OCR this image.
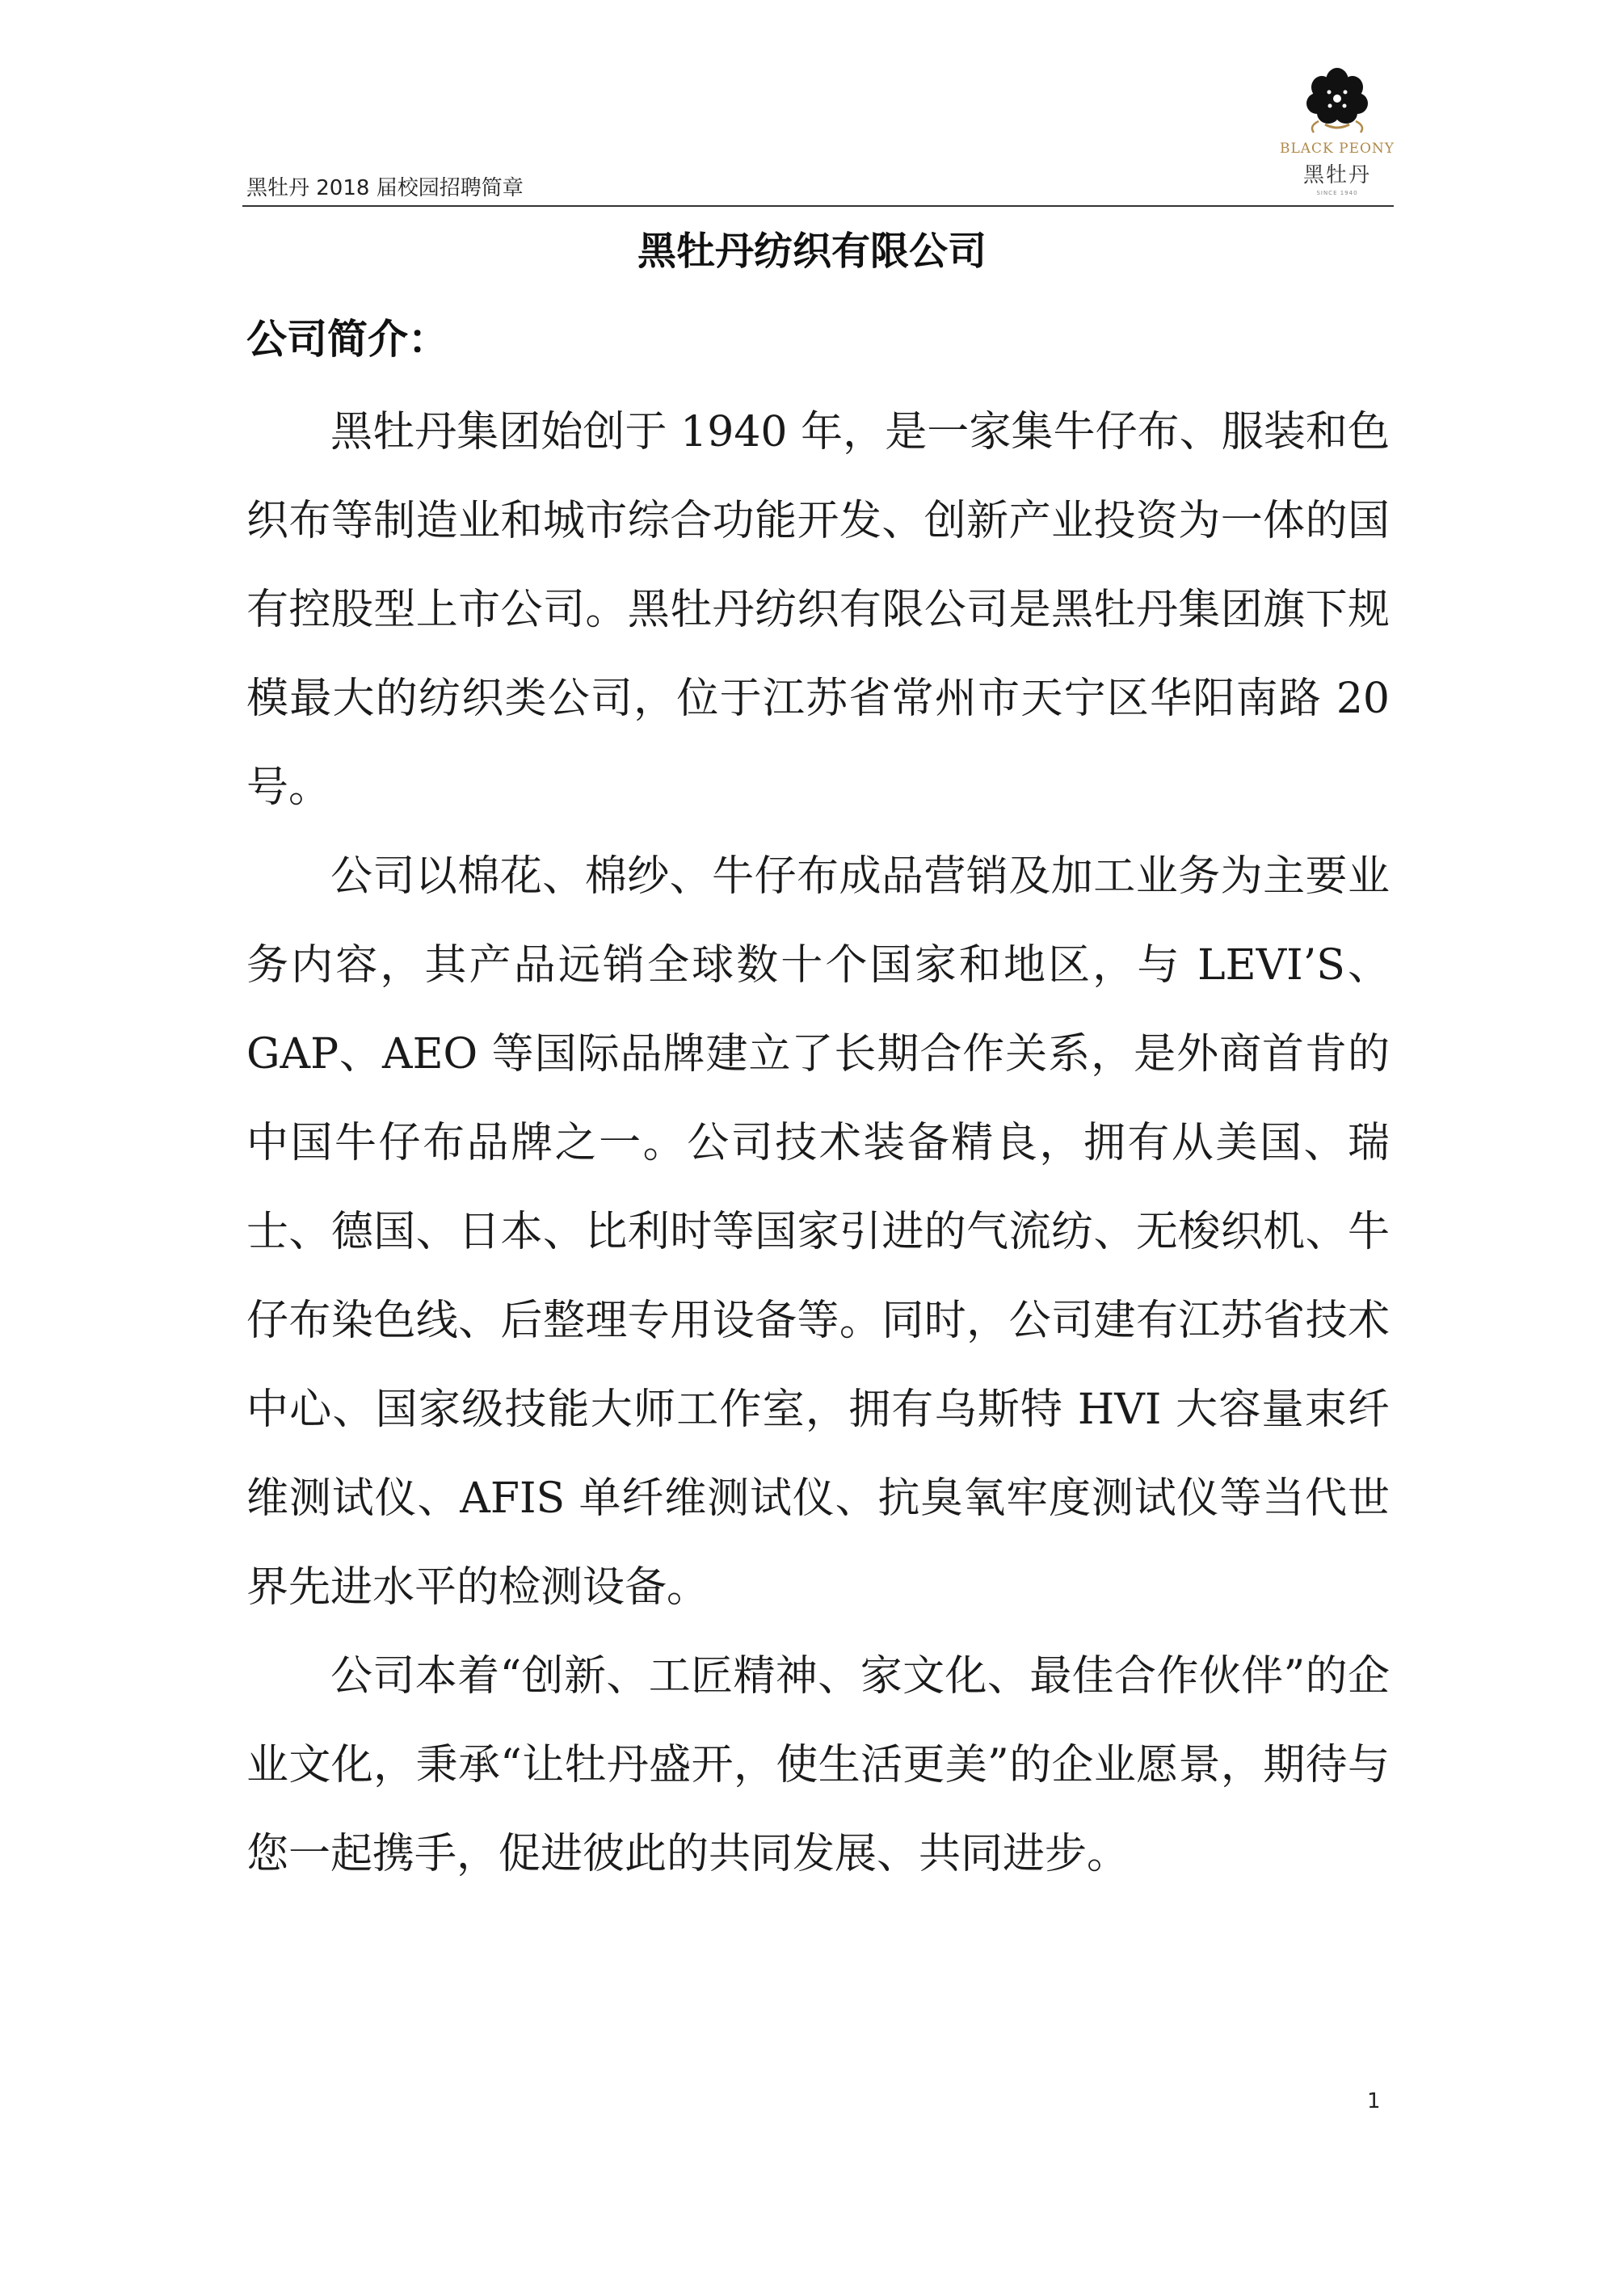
黑牡丹 2018 届校园招聘简章
BLACK PEONY
黑牡丹
SINCE 1940
黑牡丹纺织有限公司
公司简介：

黑牡丹集团始创于 1940 年，是一家集牛仔布、服装和色织布等制造业和城市综合功能开发、创新产业投资为一体的国有控股型上市公司。黑牡丹纺织有限公司是黑牡丹集团旗下规模最大的纺织类公司，位于江苏省常州市天宁区华阳南路 20 号。

公司以棉花、棉纱、牛仔布成品营销及加工业务为主要业务内容，其产品远销全球数十个国家和地区，与 LEVI’S、GAP、AEO 等国际品牌建立了长期合作关系，是外商首肯的中国牛仔布品牌之一。公司技术装备精良，拥有从美国、瑞士、德国、日本、比利时等国家引进的气流纺、无梭织机、牛仔布染色线、后整理专用设备等。同时，公司建有江苏省技术中心、国家级技能大师工作室，拥有乌斯特 HVI 大容量束纤维测试仪、AFIS 单纤维测试仪、抗臭氧牢度测试仪等当代世界先进水平的检测设备。

公司本着“创新、工匠精神、家文化、最佳合作伙伴”的企业文化，秉承“让牡丹盛开，使生活更美”的企业愿景，期待与您一起携手，促进彼此的共同发展、共同进步。

1
